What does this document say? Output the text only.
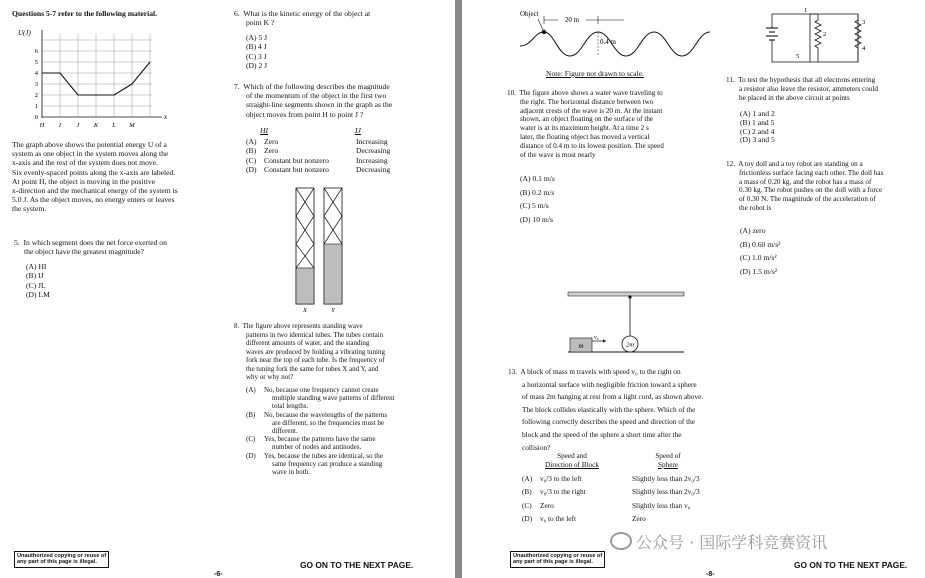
Questions 5-7 refer to the following material.

U(J)
x
0
1
2
3
4
5
6
H I J K L M
The graph above shows the potential energy U of a
system as one object in the system moves along the
x-axis and the rest of the system does not move.
Six evenly-spaced points along the x-axis are labeled.
At point H, the object is moving in the positive
x-direction and the mechanical energy of the system is
5.0 J. As the object moves, no energy enters or leaves
the system.
5. In which segment does the net force exerted on
the object have the greatest magnitude?
(A) HI
(B) IJ
(C) JL
(D) LM
6. What is the kinetic energy of the object at
point K ?
(A) 5 J
(B) 4 J
(C) 3 J
(D) 2 J
7. Which of the following describes the magnitude
of the momentum of the object in the first two
straight-line segments shown in the graph as the
object moves from point H to point J ?
HI	IJ
(A) Zero	Increasing
(B)	Zero	Decreasing
(C)	Constant but nonzero	Increasing
(D) Constant but nonzero	Decreasing
X	Y
8. The figure above represents standing wave
patterns in two identical tubes. The tubes contain
different amounts of water, and the standing
waves are produced by holding a vibrating tuning
fork near the top of each tube. Is the frequency of
the tuning fork the same for tubes X and Y, and
why or why not?
(A)	No, because one frequency cannot create
multiple standing wave patterns of different
total lengths.
(B)	No, because the wavelengths of the patterns
are different, so the frequencies must be
different.
(C)	Yes, because the patterns have the same
number of nodes and antinodes.
(D)	Yes, because the tubes are identical, so the
same frequency can produce a standing
wave in both.
Unauthorized copying or reuse of
any part of this page is illegal.	GO ON TO THE NEXT PAGE.
-6-
Object
20 m
0.4 m
Note: Figure not drawn to scale.
10. The figure above shows a water wave traveling to
the right. The horizontal distance between two
adjacent crests of the wave is 20 m. At the instant
shown, an object floating on the surface of the
water is at its maximum height. At a time 2 s
later, the floating object has moved a vertical
distance of 0.4 m to its lowest position. The speed
of the wave is most nearly
(A) 0.1 m/s
(B) 0.2 m/s
(C) 5 m/s
(D) 10 m/s
1
2
3
4
5
11. To test the hypothesis that all electrons entering
a resistor also leave the resistor, ammeters could
be placed in the above circuit at points
(A) 1 and 2
(B) 1 and 5
(C) 2 and 4
(D) 3 and 5
12. A toy doll and a toy robot are standing on a
frictionless surface facing each other. The doll has
a mass of 0.20 kg, and the robot has a mass of
0.30 kg. The robot pushes on the doll with a force
of 0.30 N. The magnitude of the acceleration of
the robot is
(A) zero
(B) 0.60 m/s²
(C) 1.0 m/s²
(D) 1.5 m/s²
2m
m
v₀
13. A block of mass m travels with speed v₀ to the right on
a horizontal surface with negligible friction toward a sphere
of mass 2m hanging at rest from a light cord, as shown above.
The block collides elastically with the sphere. Which of the
following correctly describes the speed and direction of the
block and the speed of the sphere a short time after the
collision?
Speed and
Direction of Block
Speed of
Sphere
(A)	v₀/3 to the left	Slightly less than 2v₀/3
(B)	v₀/3 to the right	Slightly less than 2v₀/3
(C)	Zero	Slightly less than v₀
(D)	v₀ to the left	Zero
公众号 · 国际学科竞赛资讯
Unauthorized copying or reuse of
any part of this page is illegal.	GO ON TO THE NEXT PAGE.
-8-
